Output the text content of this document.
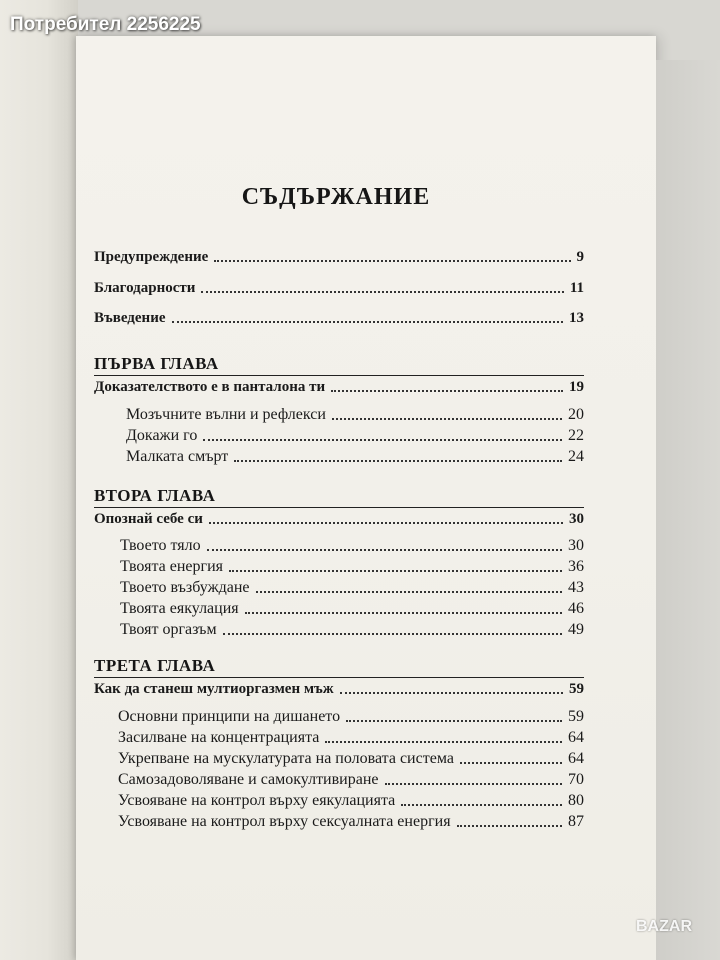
Потребител 2256225
BAZAR
СЪДЪРЖАНИЕ
Предупреждение	9
Благодарности	11
Въведение	13
ПЪРВА ГЛАВА
Доказателството е в панталона ти	19
Мозъчните вълни и рефлекси	20
Докажи го	22
Малката смърт	24
ВТОРА ГЛАВА
Опознай себе си	30
Твоето тяло	30
Твоята енергия	36
Твоето възбуждане	43
Твоята еякулация	46
Твоят оргазъм	49
ТРЕТА ГЛАВА
Как да станеш мултиоргазмен мъж	59
Основни принципи на дишането	59
Засилване на концентрацията	64
Укрепване на мускулатурата на половата система	64
Самозадоволяване и самокултивиране	70
Усвояване на контрол върху еякулацията	80
Усвояване на контрол върху сексуалната енергия	87
